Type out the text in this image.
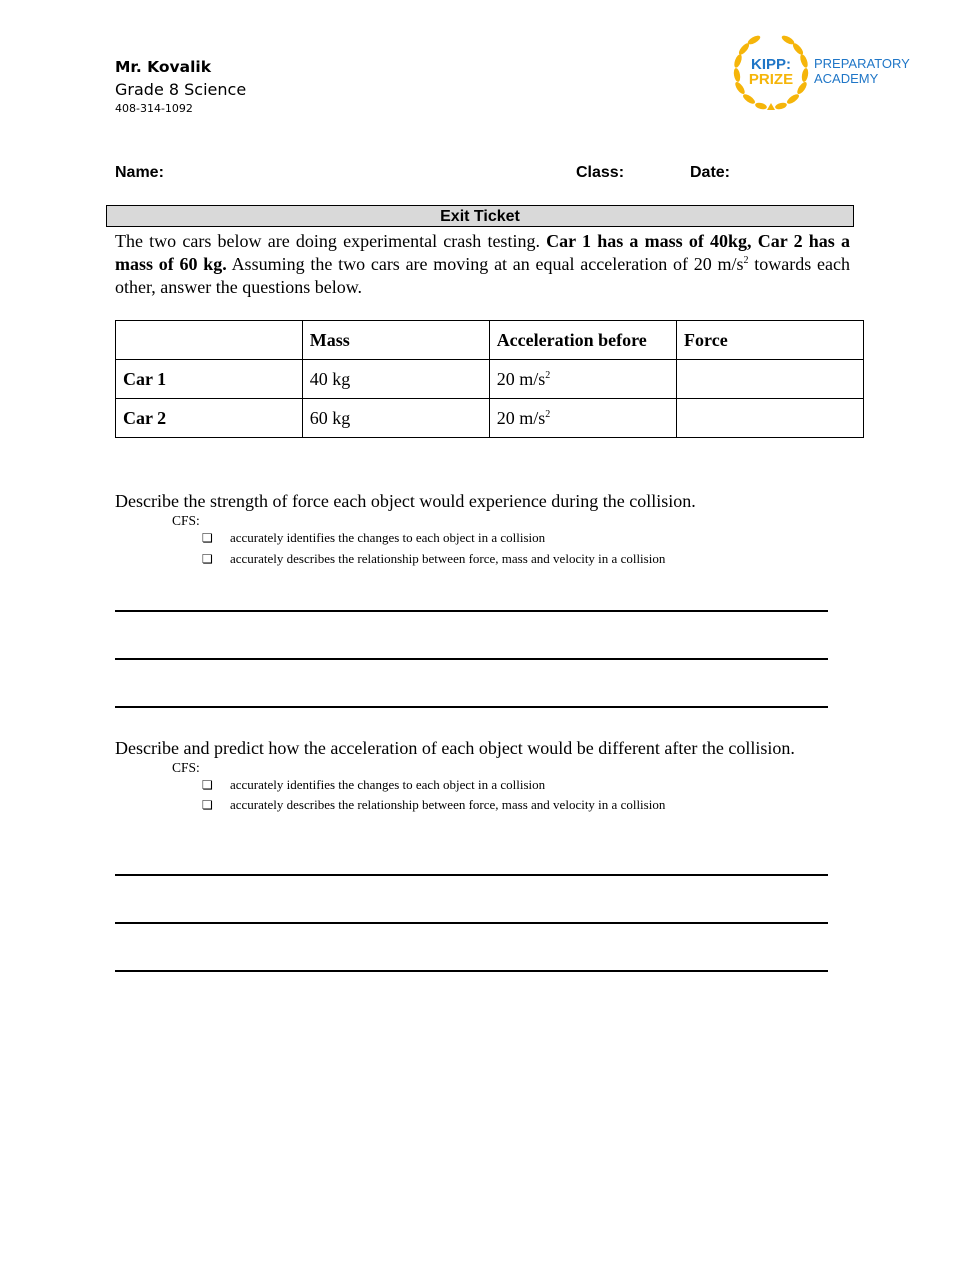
Mr. Kovalik
Grade 8 Science
408-314-1092
KIPP:
PRIZE
PREPARATORY
ACADEMY
Name:	Class:	Date:
Exit Ticket
The two cars below are doing experimental crash testing. Car 1 has a mass of 40kg, Car 2 has a mass of 60 kg. Assuming the two cars are moving at an equal acceleration of 20 $m/s^2$ towards each other, answer the questions below.
	Mass	Acceleration before	Force
Car 1	40 kg	20 $m/s^2$	
Car 2	60 kg	20 $m/s^2$	
Describe the strength of force each object would experience during the collision.
CFS:
❏	accurately identifies the changes to each object in a collision
❏	accurately describes the relationship between force, mass and velocity in a collision
Describe and predict how the acceleration of each object would be different after the collision.
CFS:
❏	accurately identifies the changes to each object in a collision
❏	accurately describes the relationship between force, mass and velocity in a collision
